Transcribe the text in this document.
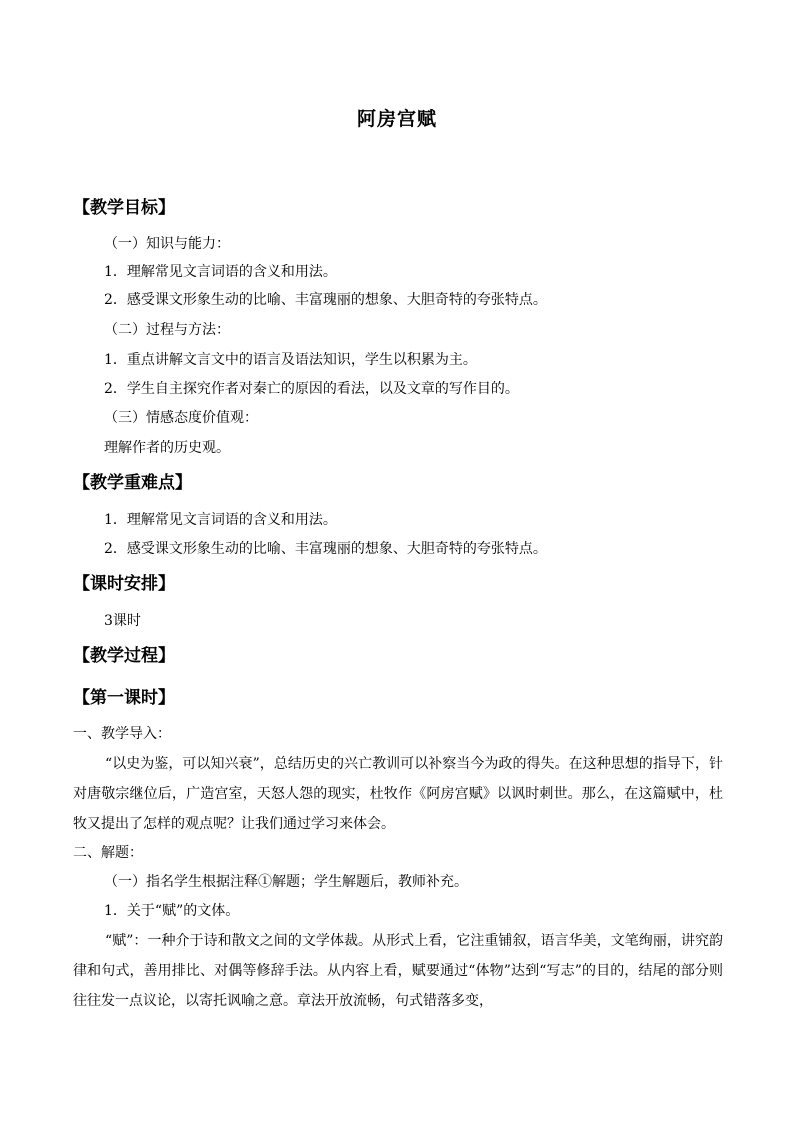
阿房宫赋
【教学目标】
（一）知识与能力：
1．理解常见文言词语的含义和用法。
2．感受课文形象生动的比喻、丰富瑰丽的想象、大胆奇特的夸张特点。
（二）过程与方法：
1．重点讲解文言文中的语言及语法知识，学生以积累为主。
2．学生自主探究作者对秦亡的原因的看法，以及文章的写作目的。
（三）情感态度价值观：
理解作者的历史观。
【教学重难点】
1．理解常见文言词语的含义和用法。
2．感受课文形象生动的比喻、丰富瑰丽的想象、大胆奇特的夸张特点。
【课时安排】
3课时
【教学过程】
【第一课时】
一、教学导入：
“以史为鉴，可以知兴衰”，总结历史的兴亡教训可以补察当今为政的得失。在这种思想的指导下，针对唐敬宗继位后，广造宫室，天怒人怨的现实，杜牧作《阿房宫赋》以讽时刺世。那么，在这篇赋中，杜牧又提出了怎样的观点呢？让我们通过学习来体会。
二、解题：
（一）指名学生根据注释①解题；学生解题后，教师补充。
1．关于“赋”的文体。
“赋”：一种介于诗和散文之间的文学体裁。从形式上看，它注重铺叙，语言华美，文笔绚丽，讲究韵律和句式，善用排比、对偶等修辞手法。从内容上看，赋要通过“体物”达到“写志”的目的，结尾的部分则往往发一点议论，以寄托讽喻之意。章法开放流畅，句式错落多变，
